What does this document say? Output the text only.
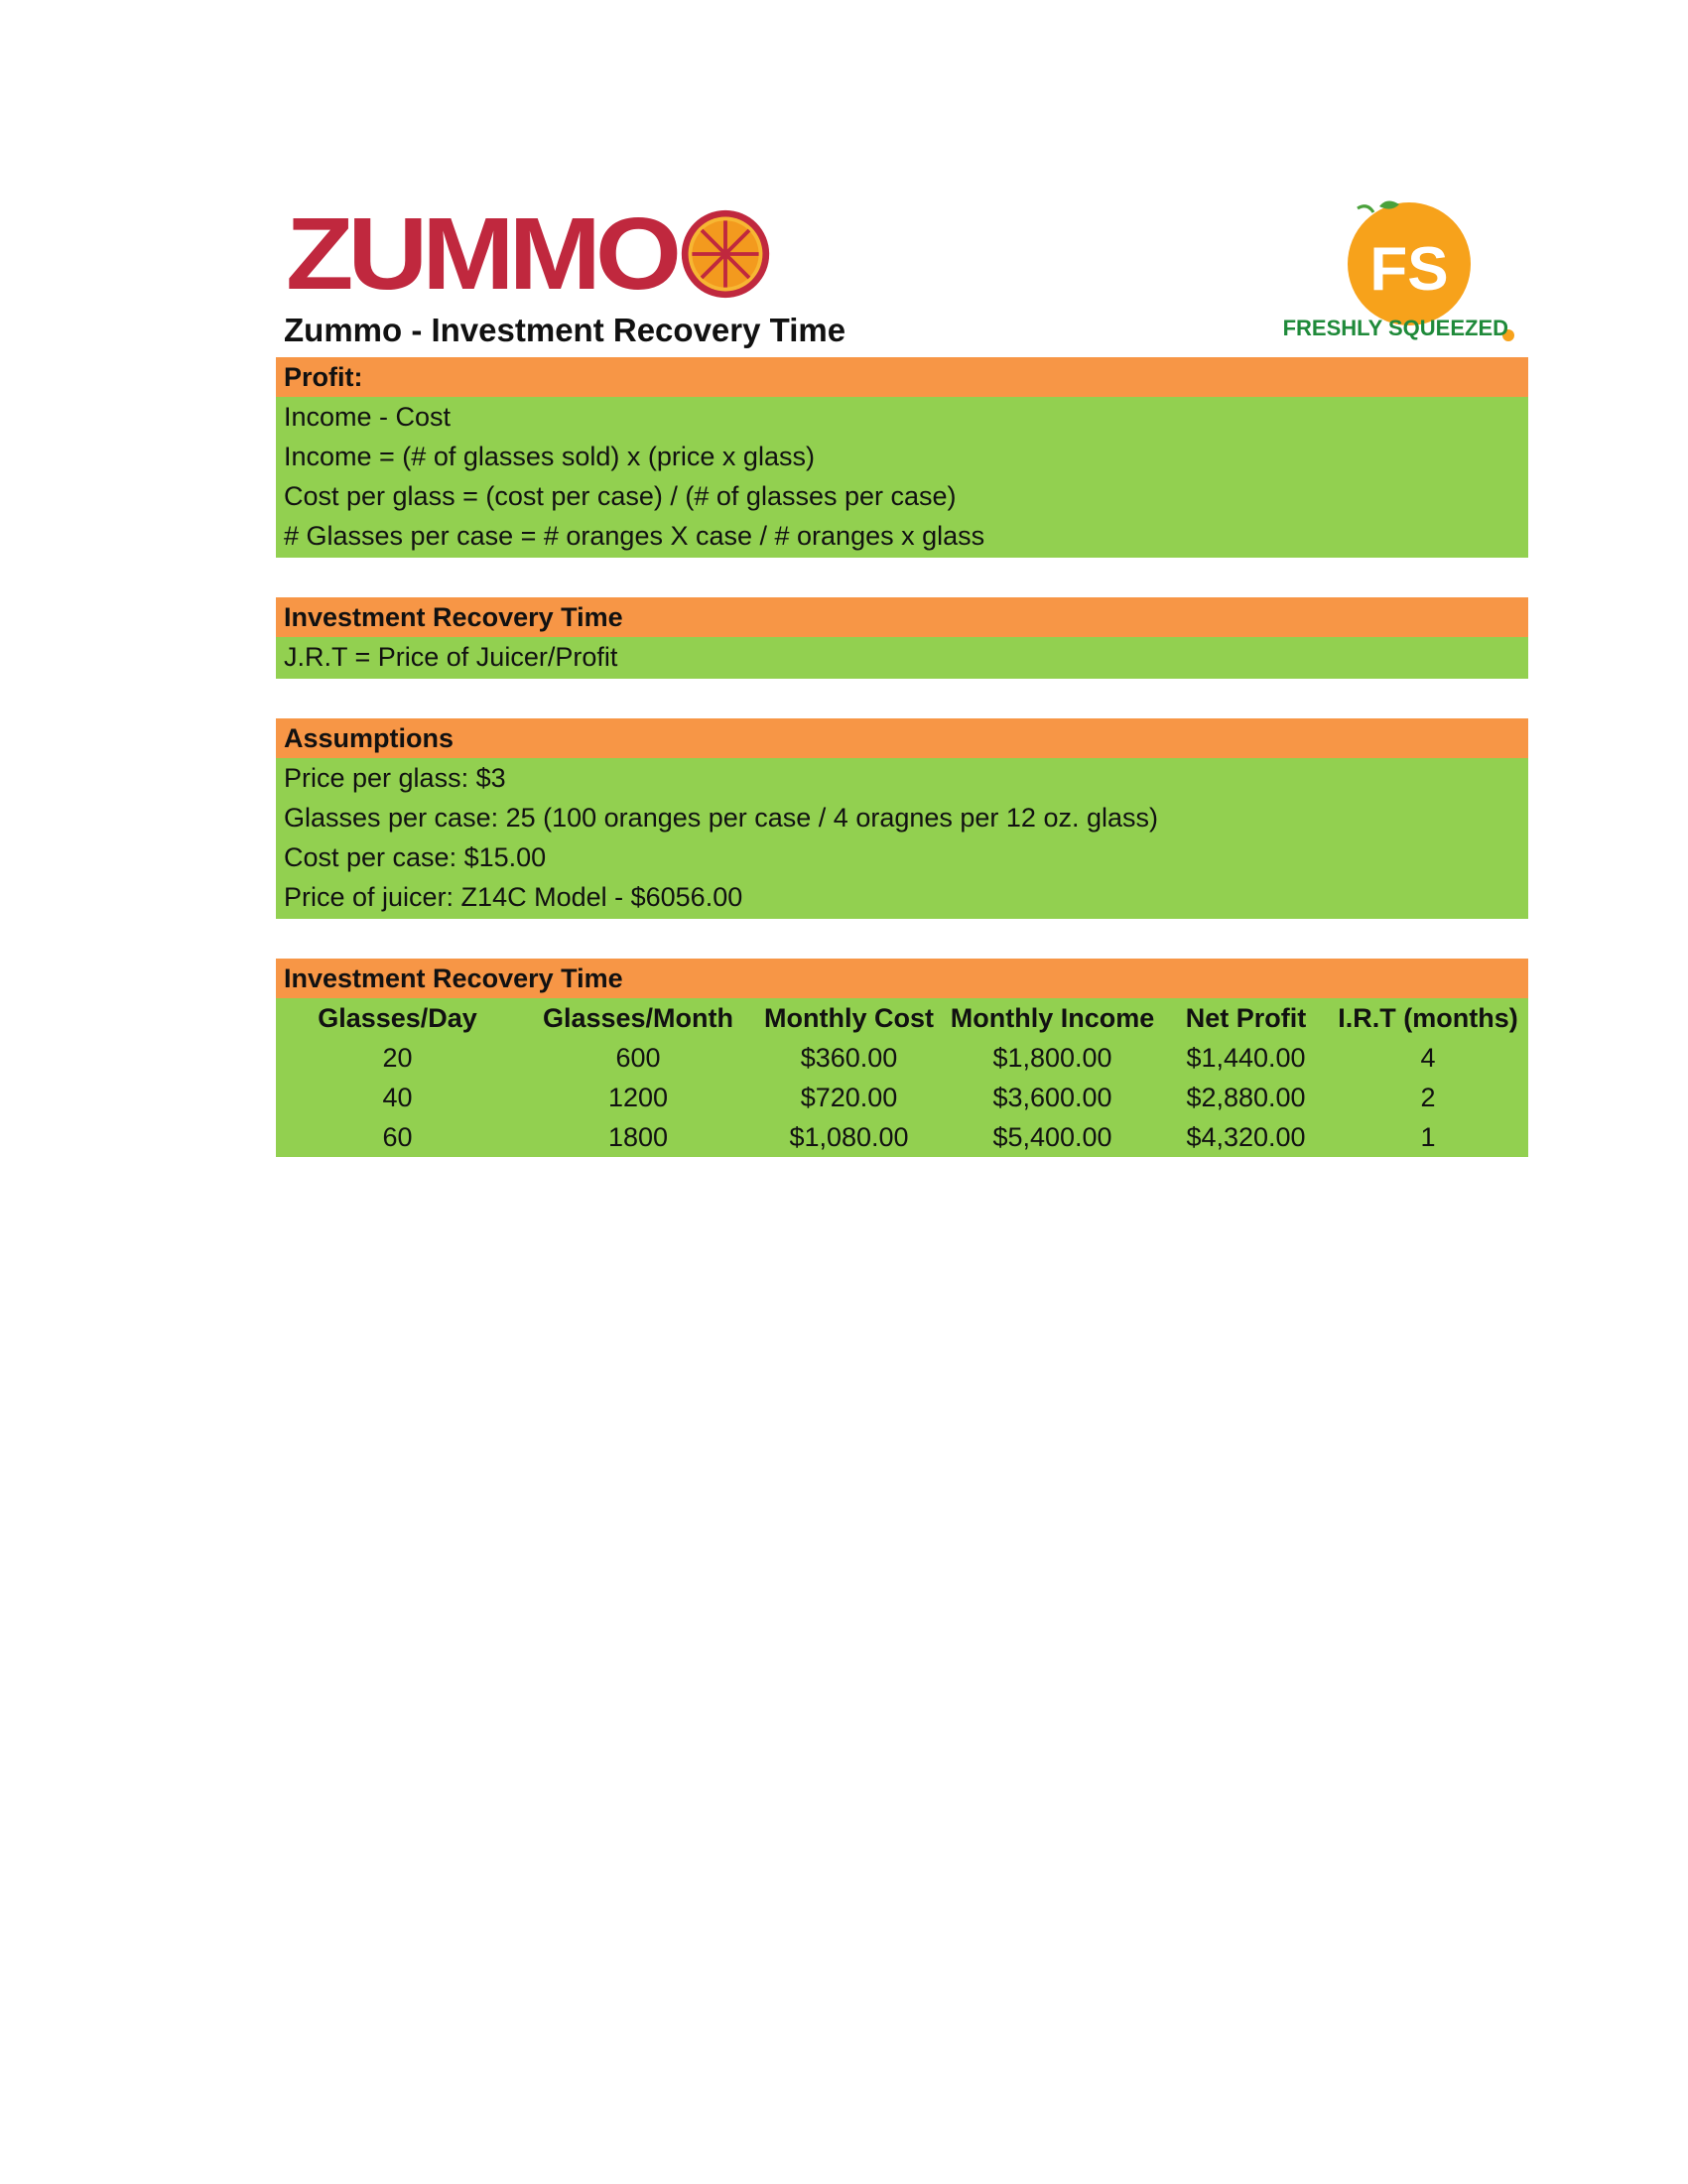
ZUMMO	FS
FRESHLY SQUEEZED
Zummo - Investment Recovery Time
Profit:
Income - Cost
Income = (# of glasses sold) x (price x glass)
Cost per glass = (cost per case) / (# of glasses per case)
# Glasses per case = # oranges X case / # oranges x glass
Investment Recovery Time
J.R.T = Price of Juicer/Profit
Assumptions
Price per glass: $3
Glasses per case: 25 (100 oranges per case / 4 oragnes per 12 oz. glass)
Cost per case: $15.00
Price of juicer: Z14C Model - $6056.00
Investment Recovery Time
Glasses/Day	Glasses/Month	Monthly Cost	Monthly Income	Net Profit	I.R.T (months)
20	600	$360.00	$1,800.00	$1,440.00	4
40	1200	$720.00	$3,600.00	$2,880.00	2
60	1800	$1,080.00	$5,400.00	$4,320.00	1
